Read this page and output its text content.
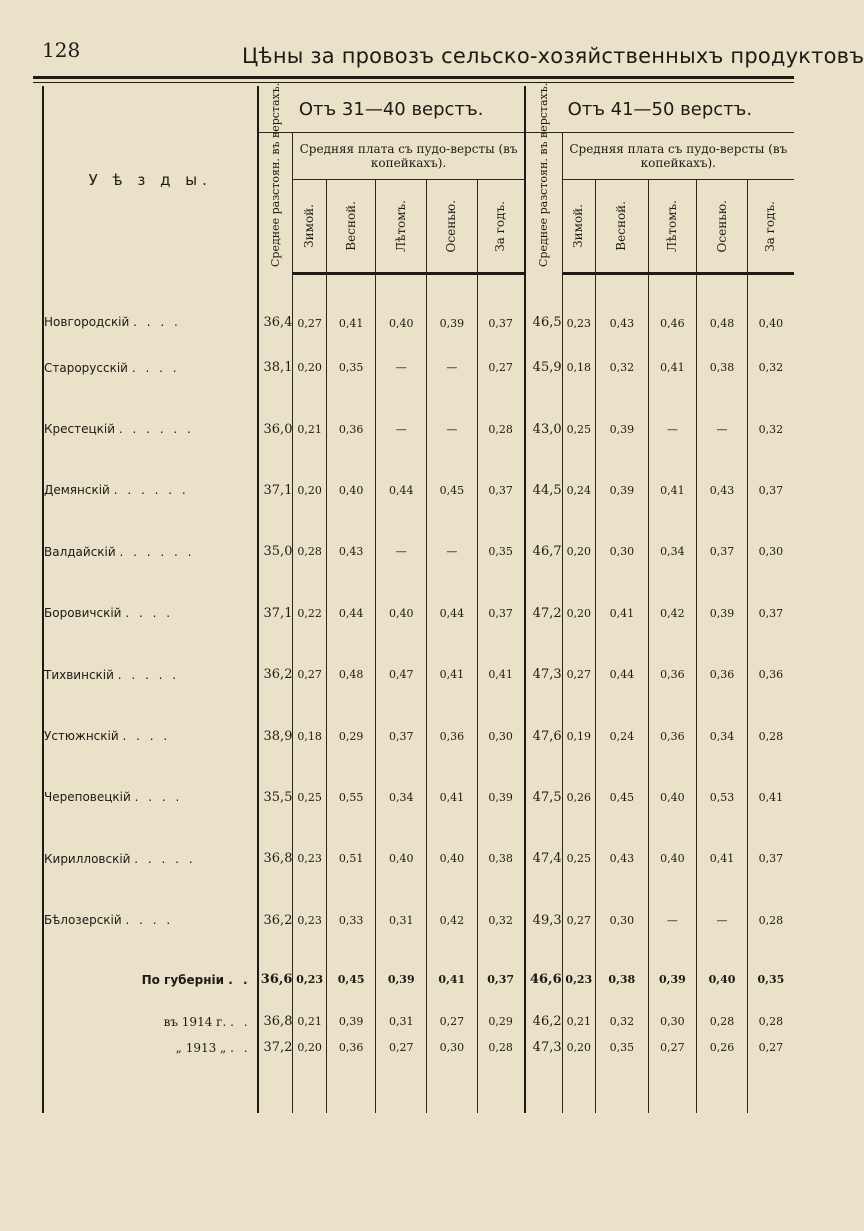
128	Цѣны за провозъ сельско-хозяйственныхъ продуктовъ
У ѣ з д ы.	Отъ 31—40 верстъ.						Отъ 41—50 верстъ.					

	Среднее разстоян. въ верстахъ.	Средняя плата съ пудо-версты (въ копейкахъ).					Среднее разстоян. въ верстахъ.	Средняя плата съ пудо-версты (въ копейкахъ).				

		Зимой.	Весной.	Лѣтомъ.	Осенью.	За годъ.		Зимой.	Весной.	Лѣтомъ.	Осенью.	За годъ.

Новгородскій . . . .	36,4	0,27	0,41	0,40	0,39	0,37	46,5	0,23	0,43	0,46	0,48	0,40
Старорусскій . . . .	38,1	0,20	0,35	—	—	0,27	45,9	0,18	0,32	0,41	0,38	0,32
Крестецкій . . . . . .	36,0	0,21	0,36	—	—	0,28	43,0	0,25	0,39	—	—	0,32
Демянскій . . . . . .	37,1	0,20	0,40	0,44	0,45	0,37	44,5	0,24	0,39	0,41	0,43	0,37
Валдайскій . . . . . .	35,0	0,28	0,43	—	—	0,35	46,7	0,20	0,30	0,34	0,37	0,30
Боровичскій . . . .	37,1	0,22	0,44	0,40	0,44	0,37	47,2	0,20	0,41	0,42	0,39	0,37
Тихвинскій . . . . .	36,2	0,27	0,48	0,47	0,41	0,41	47,3	0,27	0,44	0,36	0,36	0,36
Устюжнскій . . . .	38,9	0,18	0,29	0,37	0,36	0,30	47,6	0,19	0,24	0,36	0,34	0,28
Череповецкій . . . .	35,5	0,25	0,55	0,34	0,41	0,39	47,5	0,26	0,45	0,40	0,53	0,41
Кирилловскій . . . . .	36,8	0,23	0,51	0,40	0,40	0,38	47,4	0,25	0,43	0,40	0,41	0,37
Бѣлозерскій . . . .	36,2	0,23	0,33	0,31	0,42	0,32	49,3	0,27	0,30	—	—	0,28
По губерніи . .	36,6	0,23	0,45	0,39	0,41	0,37	46,6	0,23	0,38	0,39	0,40	0,35
въ 1914 г. . .	36,8	0,21	0,39	0,31	0,27	0,29	46,2	0,21	0,32	0,30	0,28	0,28
„ 1913 „ . .	37,2	0,20	0,36	0,27	0,30	0,28	47,3	0,20	0,35	0,27	0,26	0,27
